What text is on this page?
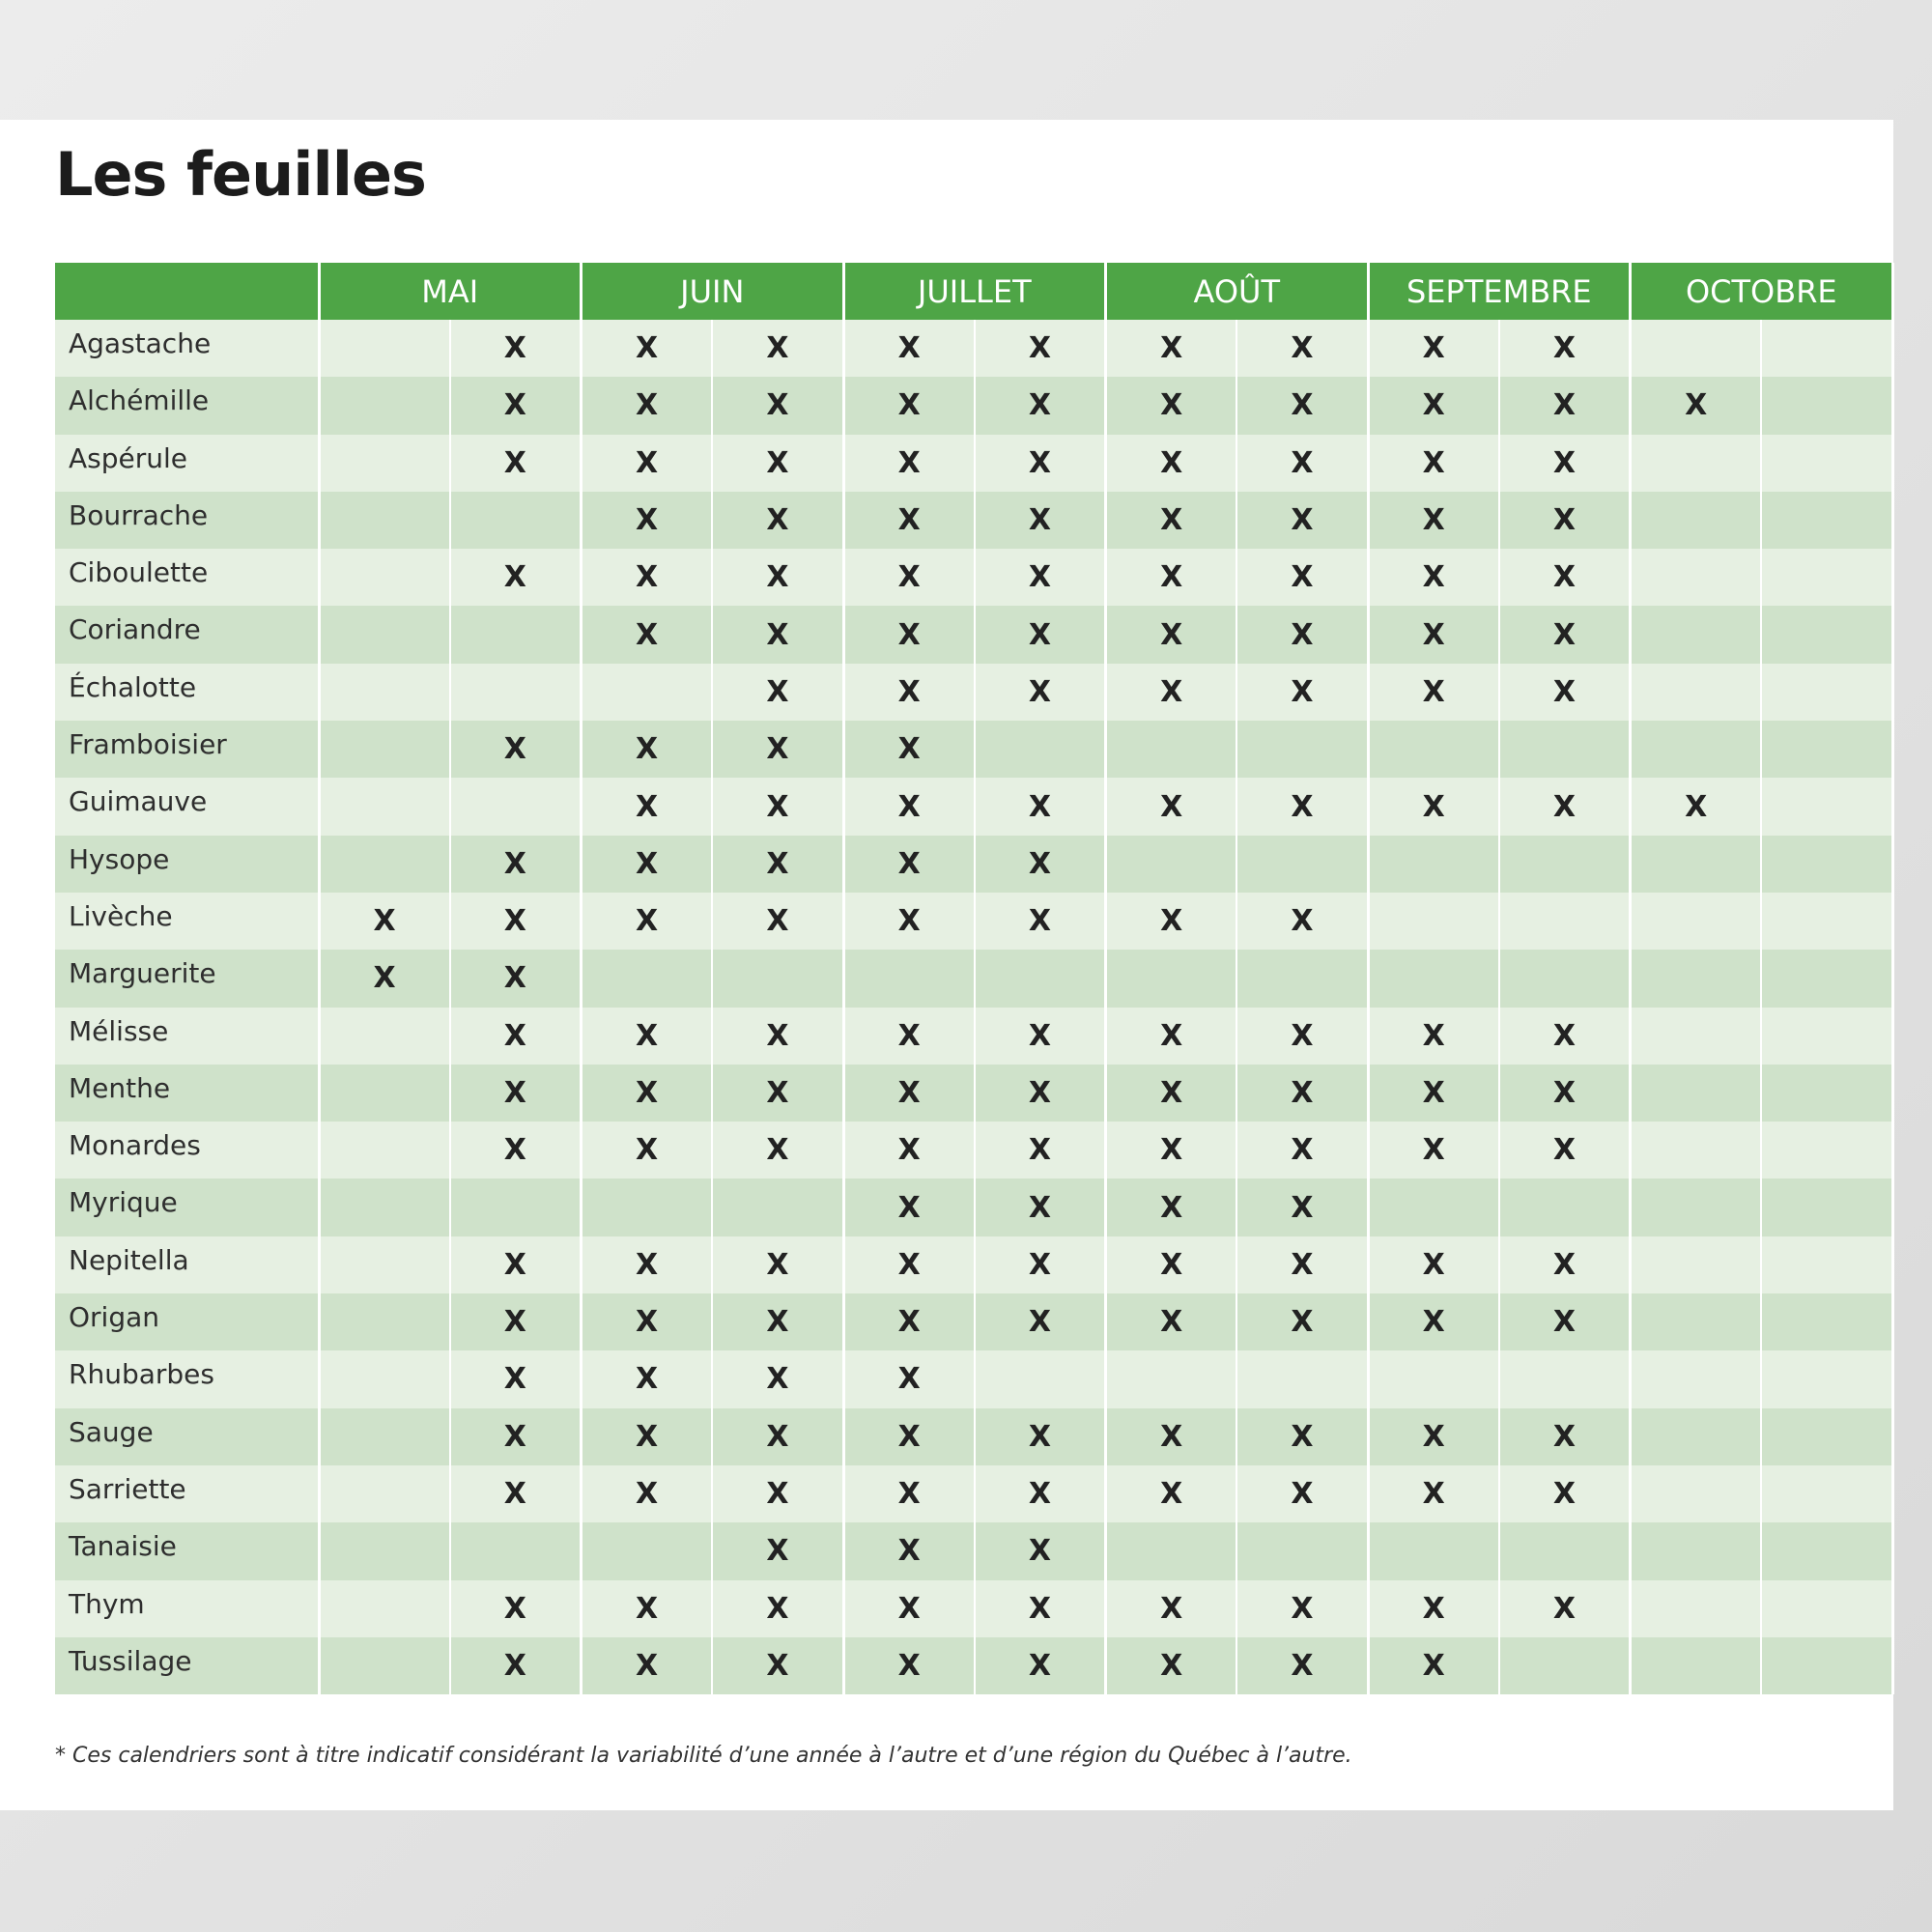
Les feuilles
	MAI		JUIN		JUILLET		AOÛT		SEPTEMBRE		OCTOBRE	
Agastache		X	X	X	X	X	X	X	X	X		
Alchémille		X	X	X	X	X	X	X	X	X	X	
Aspérule		X	X	X	X	X	X	X	X	X		
Bourrache			X	X	X	X	X	X	X	X		
Ciboulette		X	X	X	X	X	X	X	X	X		
Coriandre			X	X	X	X	X	X	X	X		
Échalotte				X	X	X	X	X	X	X		
Framboisier		X	X	X	X							
Guimauve			X	X	X	X	X	X	X	X	X	
Hysope		X	X	X	X	X						
Livèche	X	X	X	X	X	X	X	X				
Marguerite	X	X										
Mélisse		X	X	X	X	X	X	X	X	X		
Menthe		X	X	X	X	X	X	X	X	X		
Monardes		X	X	X	X	X	X	X	X	X		
Myrique					X	X	X	X				
Nepitella		X	X	X	X	X	X	X	X	X		
Origan		X	X	X	X	X	X	X	X	X		
Rhubarbes		X	X	X	X							
Sauge		X	X	X	X	X	X	X	X	X		
Sarriette		X	X	X	X	X	X	X	X	X		
Tanaisie				X	X	X						
Thym		X	X	X	X	X	X	X	X	X		
Tussilage		X	X	X	X	X	X	X	X			

* Ces calendriers sont à titre indicatif considérant la variabilité d’une année à l’autre et d’une région du Québec à l’autre.
